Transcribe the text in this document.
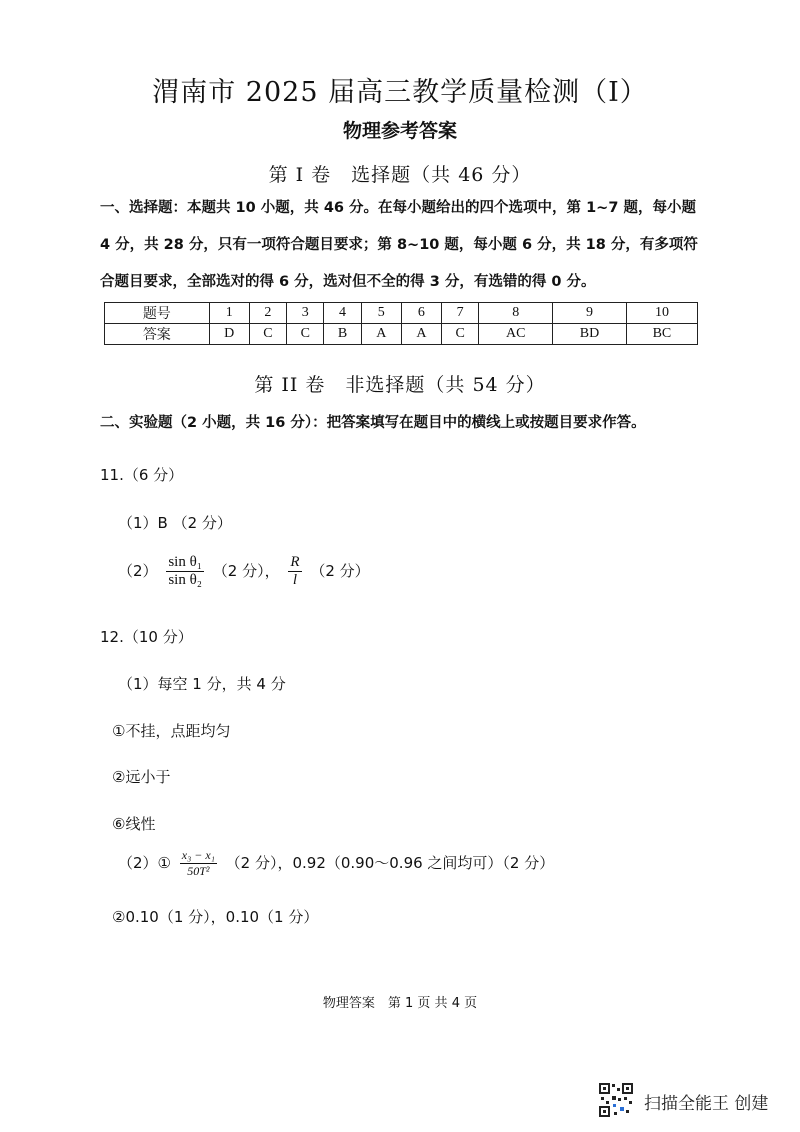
渭南市 2025 届高三教学质量检测（I）
物理参考答案
第 I 卷　选择题（共 46 分）
一、选择题：本题共 10 小题，共 46 分。在每小题给出的四个选项中，第 1~7 题，每小题 4 分，共 28 分，只有一项符合题目要求；第 8~10 题，每小题 6 分，共 18 分，有多项符合题目要求，全部选对的得 6 分，选对但不全的得 3 分，有选错的得 0 分。
题号	1	2	3	4	5	6	7	8	9	10
答案	D	C	C	B	A	A	C	AC	BD	BC
第 II 卷　非选择题（共 54 分）
二、实验题（2 小题，共 16 分）：把答案填写在题目中的横线上或按题目要求作答。
11.（6 分）
（1）B （2 分）
$(2) \frac{\text{sin θ₁}}{\text{sin θ₂}} (2$ 分）， $\frac{R}{l} (2$ 分）
12.（10 分）
（1）每空 1 分，共 4 分
①不挂，点距均匀
②远小于
⑥线性
（2）① $\frac{\text{x₃ − x₁}}{\text{50T²}} (2$ 分），0.92（0.90～0.96 之间均可）（2 分）
②0.10（1 分），0.10（1 分）
物理答案　第 1 页 共 4 页
扫描全能王 创建
